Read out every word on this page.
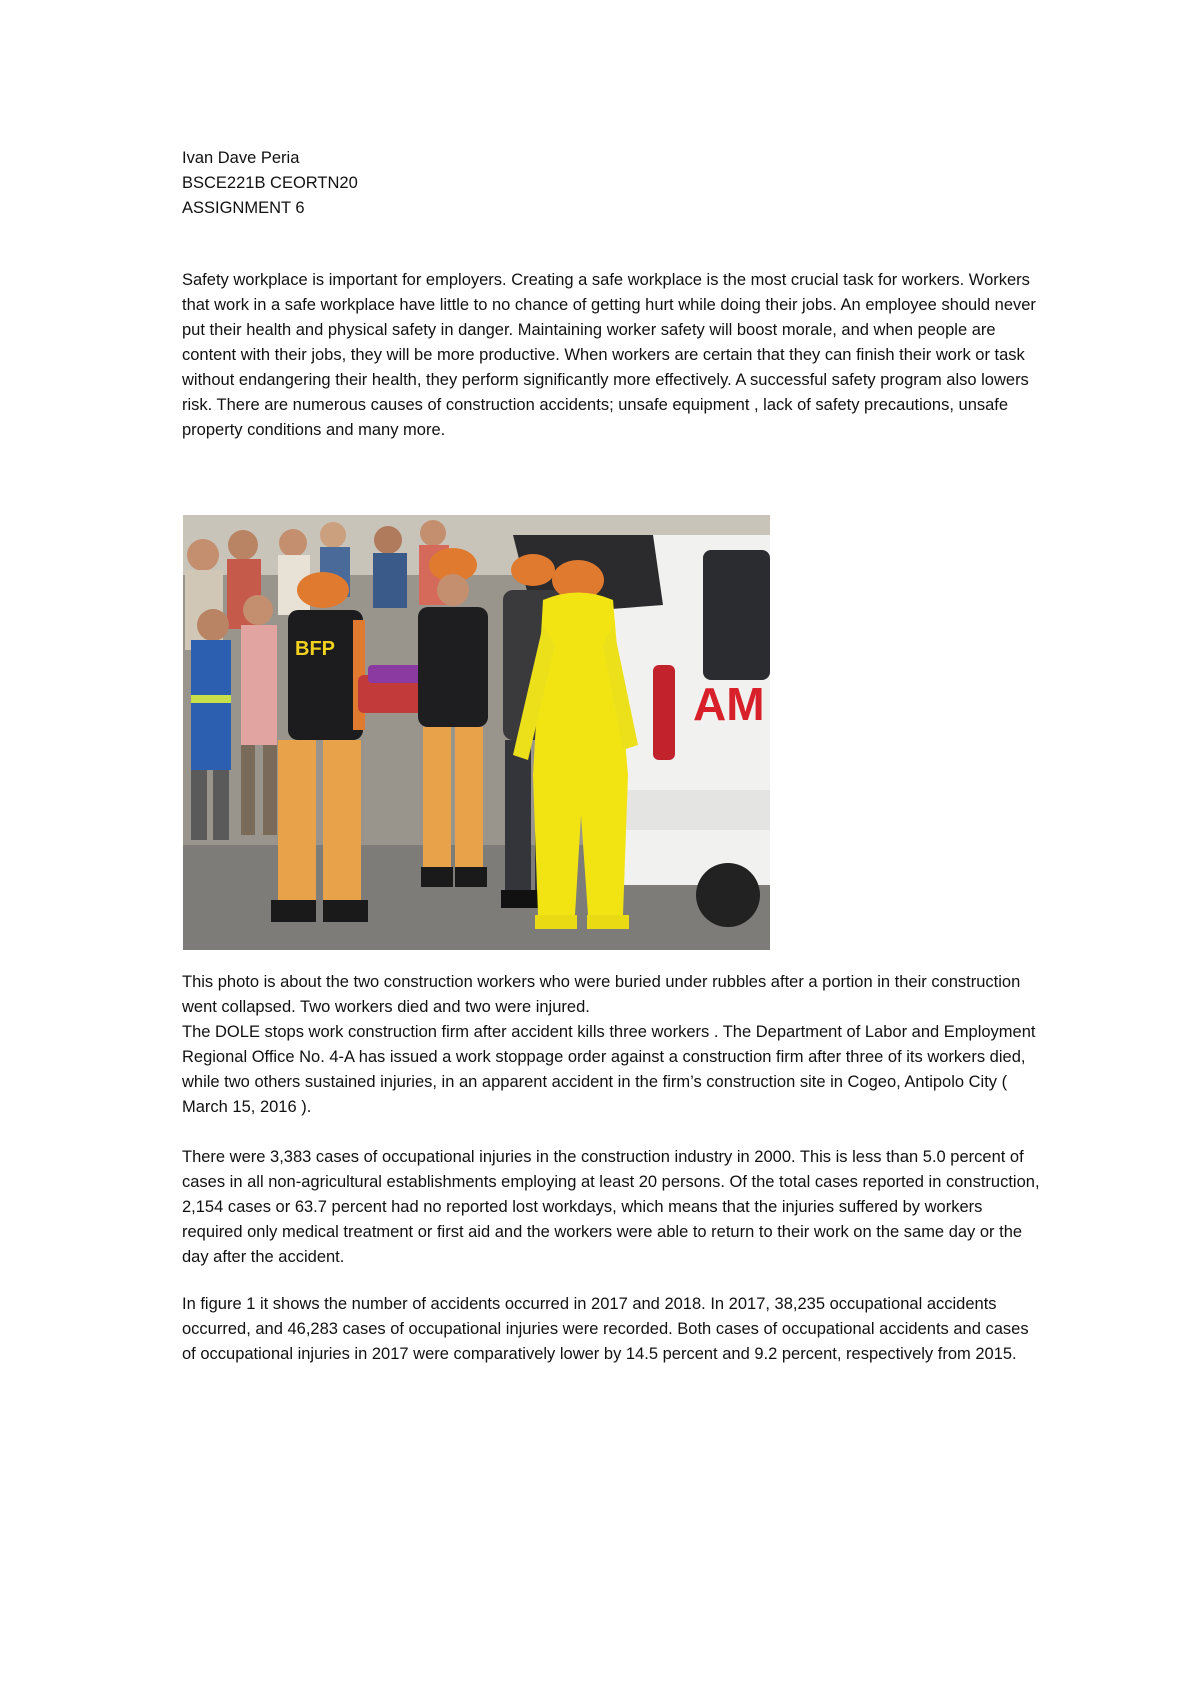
Ivan Dave Peria
BSCE221B CEORTN20
ASSIGNMENT 6

Safety workplace is important for employers. Creating a safe workplace is the most crucial task for workers. Workers that work in a safe workplace have little to no chance of getting hurt while doing their jobs. An employee should never put their health and physical safety in danger. Maintaining worker safety will boost morale, and when people are content with their jobs, they will be more productive. When workers are certain that they can finish their work or task without endangering their health, they perform significantly more effectively. A successful safety program also lowers risk. There are numerous causes of construction accidents; unsafe equipment , lack of safety precautions, unsafe property conditions and many more.

AM
BFP

This photo is about the two construction workers who were buried under rubbles after a portion in their construction went collapsed. Two workers died and two were injured.

The DOLE stops work construction firm after accident kills three workers . The Department of Labor and Employment Regional Office No. 4-A has issued a work stoppage order against a construction firm after three of its workers died, while two others sustained injuries, in an apparent accident in the firm’s construction site in Cogeo, Antipolo City ( March 15, 2016 ).

There were 3,383 cases of occupational injuries in the construction industry in 2000. This is less than 5.0 percent of cases in all non-agricultural establishments employing at least 20 persons. Of the total cases reported in construction, 2,154 cases or 63.7 percent had no reported lost workdays, which means that the injuries suffered by workers required only medical treatment or first aid and the workers were able to return to their work on the same day or the day after the accident.

In figure 1 it shows the number of accidents occurred in 2017 and 2018. In 2017, 38,235 occupational accidents occurred, and 46,283 cases of occupational injuries were recorded. Both cases of occupational accidents and cases of occupational injuries in 2017 were comparatively lower by 14.5 percent and 9.2 percent, respectively from 2015.
